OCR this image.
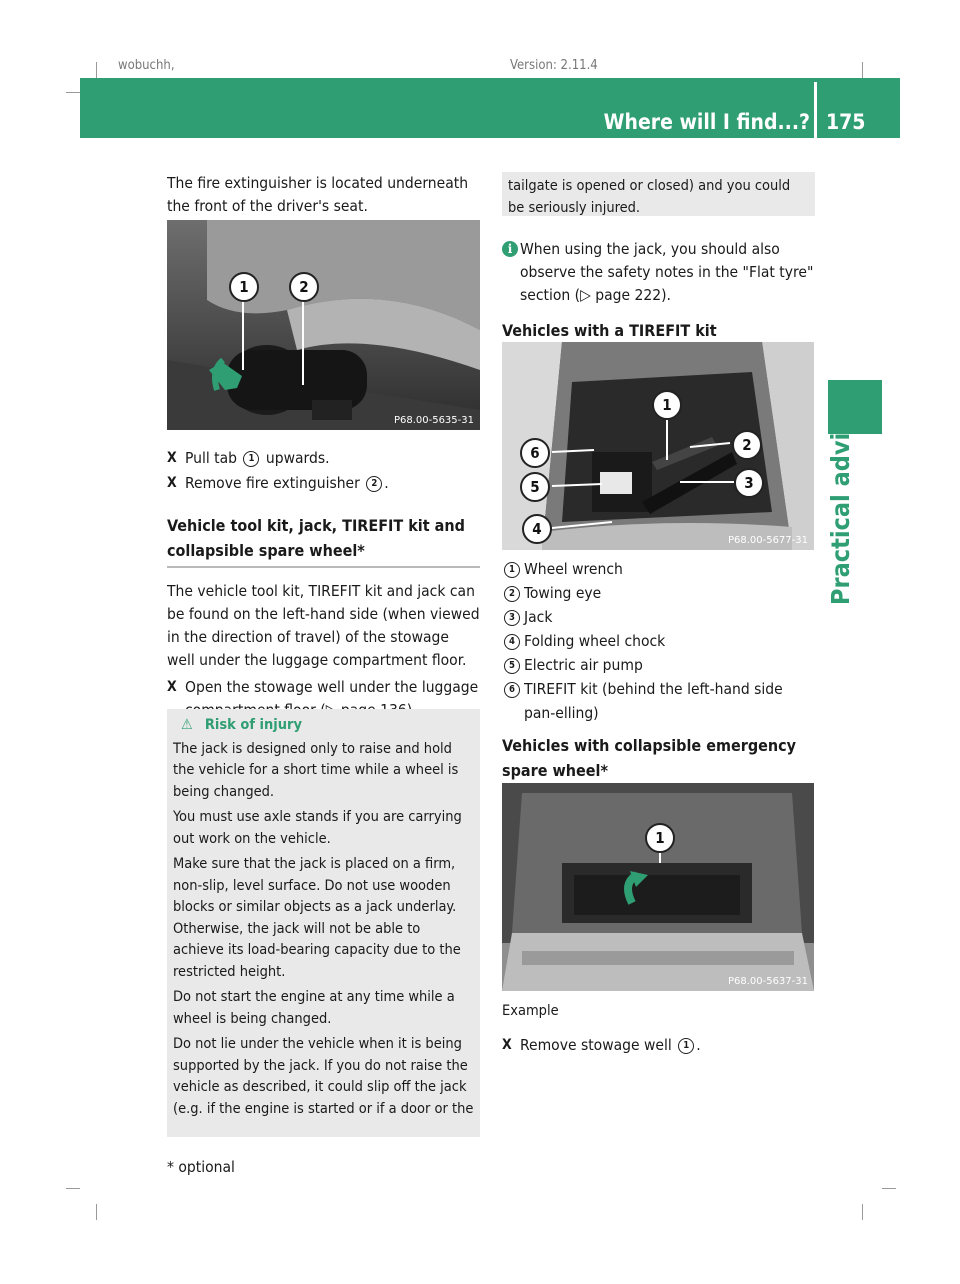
wobuchh,	Version: 2.11.4
Where will I find...? 175
Practical advice

The fire extinguisher is located underneath the front of the driver's seat.

1	2
P68.00-5635-31
X Pull tab 1 upwards.
X Remove fire extinguisher 2 .
Vehicle tool kit, jack, TIREFIT kit and collapsible spare wheel*

The vehicle tool kit, TIREFIT kit and jack can be found on the left-hand side (when viewed in the direction of travel) of the stowage well under the luggage compartment floor.

X Open the stowage well under the luggage

⚠ Risk of injury

The jack is designed only to raise and hold the vehicle for a short time while a wheel is being changed.

You must use axle stands if you are carrying out work on the vehicle.

Make sure that the jack is placed on a firm, non-slip, level surface. Do not use wooden blocks or similar objects as a jack underlay. Otherwise, the jack will not be able to achieve its load-bearing capacity due to the restricted height.

Do not start the engine at any time while a wheel is being changed.

Do not lie under the vehicle when it is being supported by the jack. If you do not raise the vehicle as described, it could slip off the jack (e.g. if the engine is started or if a door or the

tailgate is opened or closed) and you could be seriously injured.

i When using the jack, you should also observe the safety notes in the "Flat tyre" section (▷ page 222).
Vehicles with a TIREFIT kit
1
2
3
4
5
6
P68.00-5677-31
1 Wheel wrench
2 Towing eye
3 Jack
4 Folding wheel chock
5 Electric air pump
6 TIREFIT kit (behind the left-hand side pan-elling)
Vehicles with collapsible emergency spare wheel*
1
P68.00-5637-31

Example

X Remove stowage well 1 .
* optional
